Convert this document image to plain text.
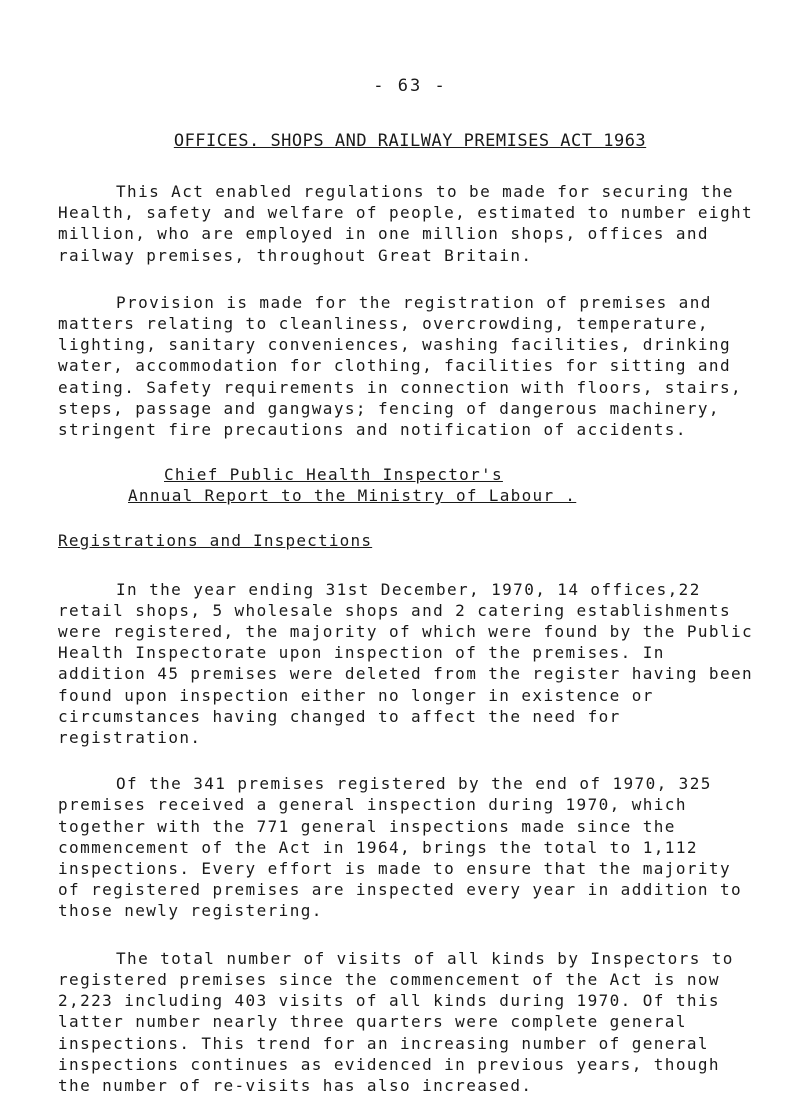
- 63 -
OFFICES. SHOPS AND RAILWAY PREMISES ACT 1963

This Act enabled regulations to be made for securing the Health, safety and welfare of people, estimated to number eight million, who are employed in one million shops, offices and railway premises, throughout Great Britain.

Provision is made for the registration of premises and matters relating to cleanliness, overcrowding, temperature, lighting, sanitary conveniences, washing facilities, drinking water, accommodation for clothing, facilities for sitting and eating. Safety requirements in connection with floors, stairs, steps, passage and gangways; fencing of dangerous machinery, stringent fire precautions and notification of accidents.

Chief Public Health Inspector's
Annual Report to the Ministry of Labour .
Registrations and Inspections

In the year ending 31st December, 1970, 14 offices,22 retail shops, 5 wholesale shops and 2 catering establishments were registered, the majority of which were found by the Public Health Inspectorate upon inspection of the premises. In addition 45 premises were deleted from the register having been found upon inspection either no longer in existence or circumstances having changed to affect the need for registration.

Of the 341 premises registered by the end of 1970, 325 premises received a general inspection during 1970, which together with the 771 general inspections made since the commencement of the Act in 1964, brings the total to 1,112 inspections. Every effort is made to ensure that the majority of registered premises are inspected every year in addition to those newly registering.

The total number of visits of all kinds by Inspectors to registered premises since the commencement of the Act is now 2,223 including 403 visits of all kinds during 1970. Of this latter number nearly three quarters were complete general inspections. This trend for an increasing number of general inspections continues as evidenced in previous years, though the number of re-visits has also increased.
